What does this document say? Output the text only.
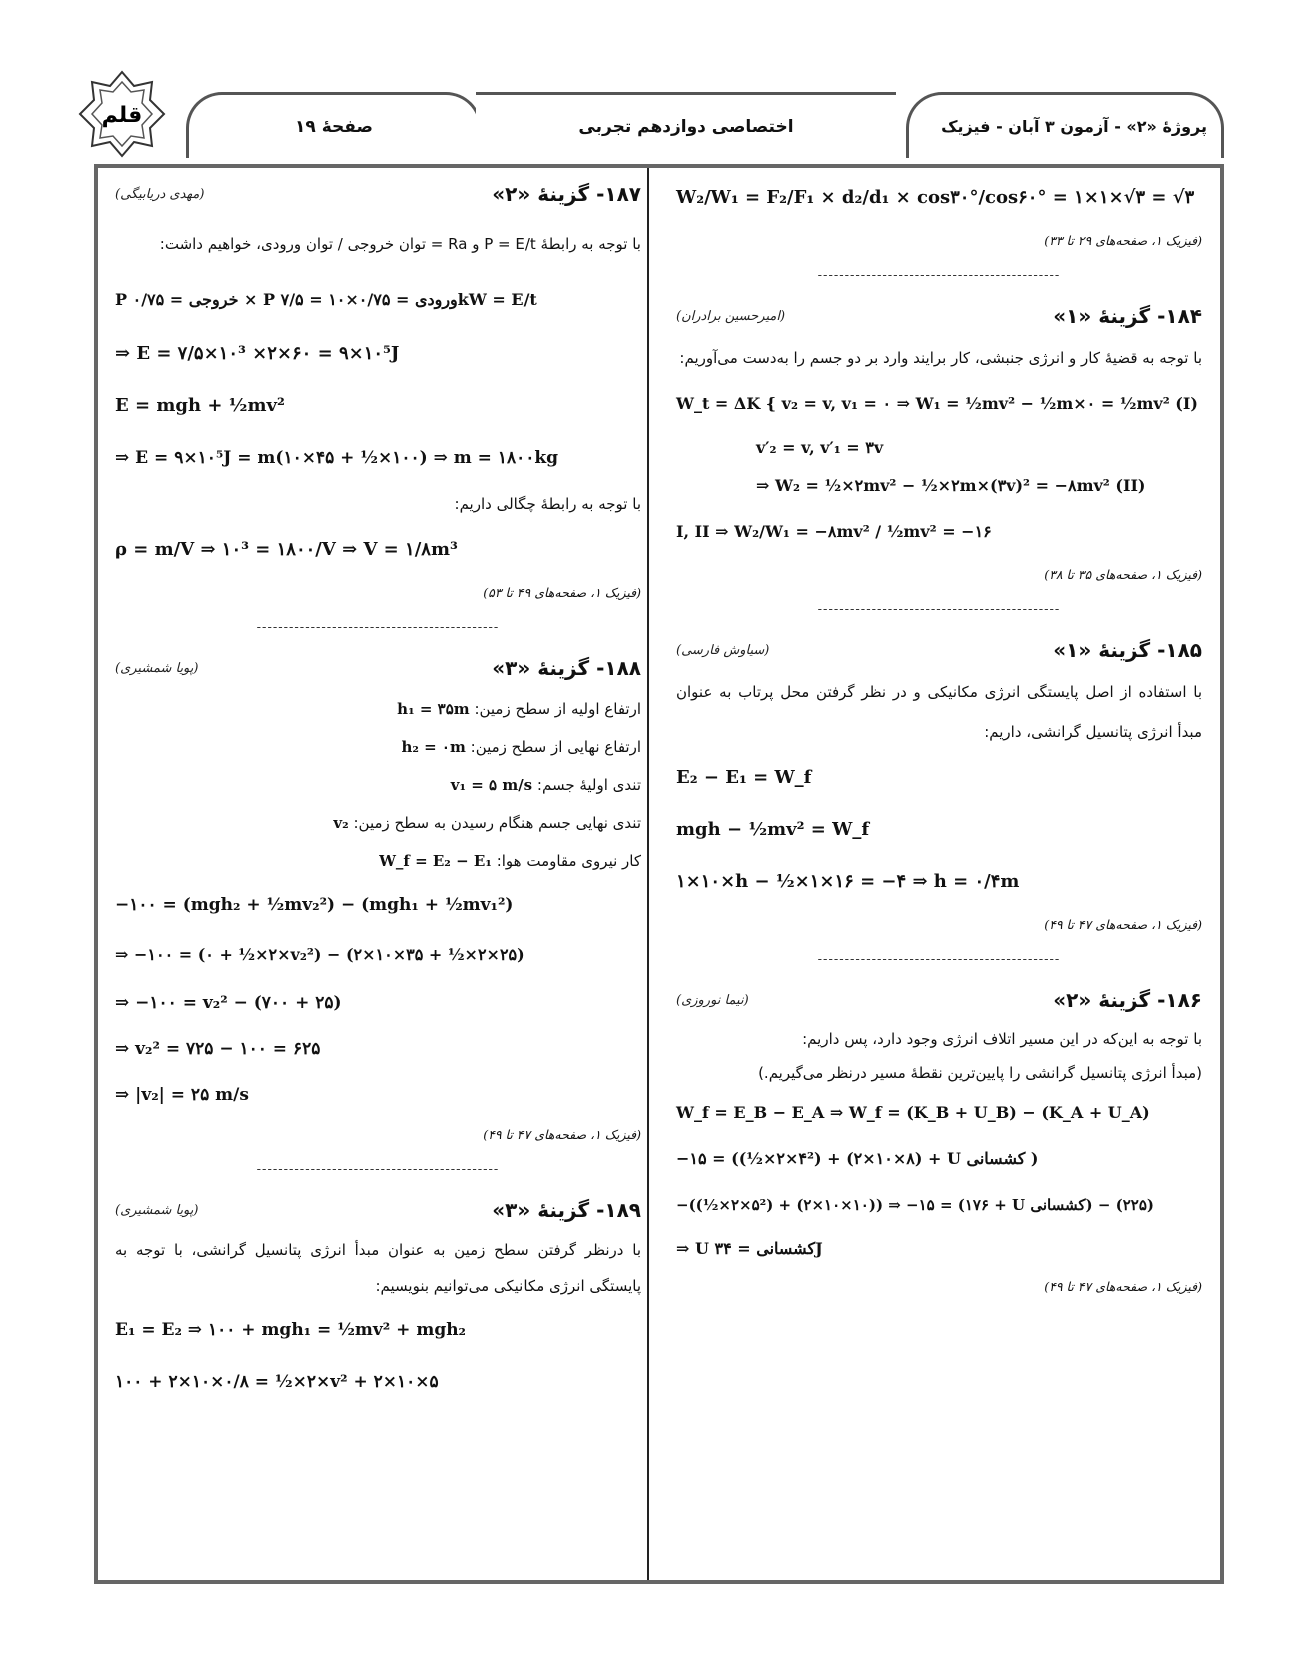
صفحهٔ ۱۹	اختصاصی دوازدهم تجربی	پروژهٔ «۲» - آزمون ۳ آبان - فیزیک
قلم
W₂/W₁ = F₂/F₁ × d₂/d₁ × cos۳۰°/cos۶۰° = ۱×۱×√۳ = √۳
(فیزیک ۱، صفحه‌های ۲۹ تا ۳۳)
---------------------------------------------
۱۸۴- گزینهٔ «۱»
(امیرحسین برادران)
با توجه به قضیهٔ کار و انرژی جنبشی، کار برایند وارد بر دو جسم را به‌دست می‌آوریم:
W_t = ΔK { v₂ = v, v₁ = ۰ ⇒ W₁ = ½mv² − ½m×۰ = ½mv² (I)
v′₂ = v, v′₁ = ۳v
⇒ W₂ = ½×۲mv² − ½×۲m×(۳v)² = −۸mv² (II)
I, II ⇒ W₂/W₁ = −۸mv² / ½mv² = −۱۶
(فیزیک ۱، صفحه‌های ۳۵ تا ۳۸)
---------------------------------------------
۱۸۵- گزینهٔ «۱»
(سیاوش فارسی)
با استفاده از اصل پایستگی انرژی مکانیکی و در نظر گرفتن محل پرتاب به عنوان مبدأ انرژی پتانسیل گرانشی، داریم:
E₂ − E₁ = W_f
mgh − ½mv² = W_f
۱×۱۰×h − ½×۱×۱۶ = −۴ ⇒ h = ۰/۴m
(فیزیک ۱، صفحه‌های ۴۷ تا ۴۹)
---------------------------------------------
۱۸۶- گزینهٔ «۲»
(نیما نوروزی)
با توجه به این‌که در این مسیر اتلاف انرژی وجود دارد، پس داریم:
(مبدأ انرژی پتانسیل گرانشی را پایین‌ترین نقطهٔ مسیر درنظر می‌گیریم.)
W_f = E_B − E_A ⇒ W_f = (K_B + U_B) − (K_A + U_A)
−۱۵ = ((½×۲×۴²) + (۲×۱۰×۸) + U کشسانی )
−((½×۲×۵²) + (۲×۱۰×۱۰)) ⇒ −۱۵ = (۱۷۶ + U کشسانی) − (۲۲۵)
⇒ U کشسانی = ۳۴J
(فیزیک ۱، صفحه‌های ۴۷ تا ۴۹)
۱۸۷- گزینهٔ «۲»
(مهدی دریابیگی)
با توجه به رابطهٔ P = E/t و Ra = توان خروجی / توان ورودی، خواهیم داشت:
P خروجی = ۰/۷۵ × P ورودی = ۰/۷۵×۱۰ = ۷/۵kW = E/t
⇒ E = ۷/۵×۱۰³ ×۲×۶۰ = ۹×۱۰⁵J
E = mgh + ½mv²
⇒ E = ۹×۱۰⁵J = m(۱۰×۴۵ + ½×۱۰۰) ⇒ m = ۱۸۰۰kg
با توجه به رابطهٔ چگالی داریم:
ρ = m/V ⇒ ۱۰³ = ۱۸۰۰/V ⇒ V = ۱/۸m³
(فیزیک ۱، صفحه‌های ۴۹ تا ۵۳)
---------------------------------------------
۱۸۸- گزینهٔ «۳»
(پویا شمشیری)
ارتفاع اولیه از سطح زمین: h₁ = ۳۵m
ارتفاع نهایی از سطح زمین: h₂ = ۰m
تندی اولیهٔ جسم: v₁ = ۵ m/s
تندی نهایی جسم هنگام رسیدن به سطح زمین: v₂
کار نیروی مقاومت هوا: W_f = E₂ − E₁
−۱۰۰ = (mgh₂ + ½mv₂²) − (mgh₁ + ½mv₁²)
⇒ −۱۰۰ = (۰ + ½×۲×v₂²) − (۲×۱۰×۳۵ + ½×۲×۲۵)
⇒ −۱۰۰ = v₂² − (۷۰۰ + ۲۵)
⇒ v₂² = ۷۲۵ − ۱۰۰ = ۶۲۵
⇒ |v₂| = ۲۵ m/s
(فیزیک ۱، صفحه‌های ۴۷ تا ۴۹)
---------------------------------------------
۱۸۹- گزینهٔ «۳»
(پویا شمشیری)
با درنظر گرفتن سطح زمین به عنوان مبدأ انرژی پتانسیل گرانشی، با توجه به پایستگی انرژی مکانیکی می‌توانیم بنویسیم:
E₁ = E₂ ⇒ ۱۰۰ + mgh₁ = ½mv² + mgh₂
۱۰۰ + ۲×۱۰×۰/۸ = ½×۲×v² + ۲×۱۰×۵
